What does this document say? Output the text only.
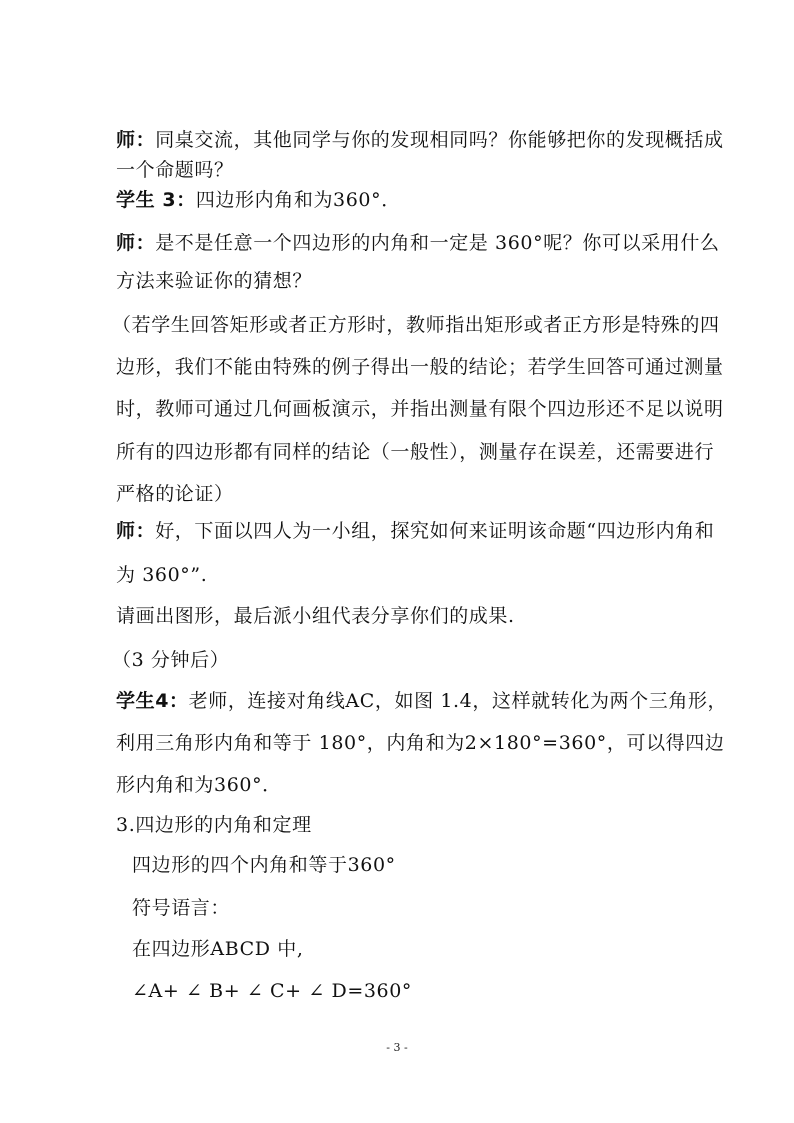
师：同桌交流，其他同学与你的发现相同吗？你能够把你的发现概括成
一个命题吗？
学生 3：四边形内角和为360°．
师：是不是任意一个四边形的内角和一定是 360°呢？你可以采用什么
方法来验证你的猜想？
（若学生回答矩形或者正方形时，教师指出矩形或者正方形是特殊的四
边形，我们不能由特殊的例子得出一般的结论；若学生回答可通过测量
时，教师可通过几何画板演示，并指出测量有限个四边形还不足以说明
所有的四边形都有同样的结论（一般性），测量存在误差，还需要进行
严格的论证）
师：好，下面以四人为一小组，探究如何来证明该命题“四边形内角和
为 360°”.
请画出图形，最后派小组代表分享你们的成果.
（3 分钟后）
学生4：老师，连接对角线AC，如图 1.4，这样就转化为两个三角形，
利用三角形内角和等于 180°，内角和为2×180°=360°，可以得四边
形内角和为360°．
3.四边形的内角和定理
四边形的四个内角和等于360°
符号语言：
在四边形ABCD 中,
∠A+ ∠ B+ ∠ C+ ∠ D=360°
- 3 -
